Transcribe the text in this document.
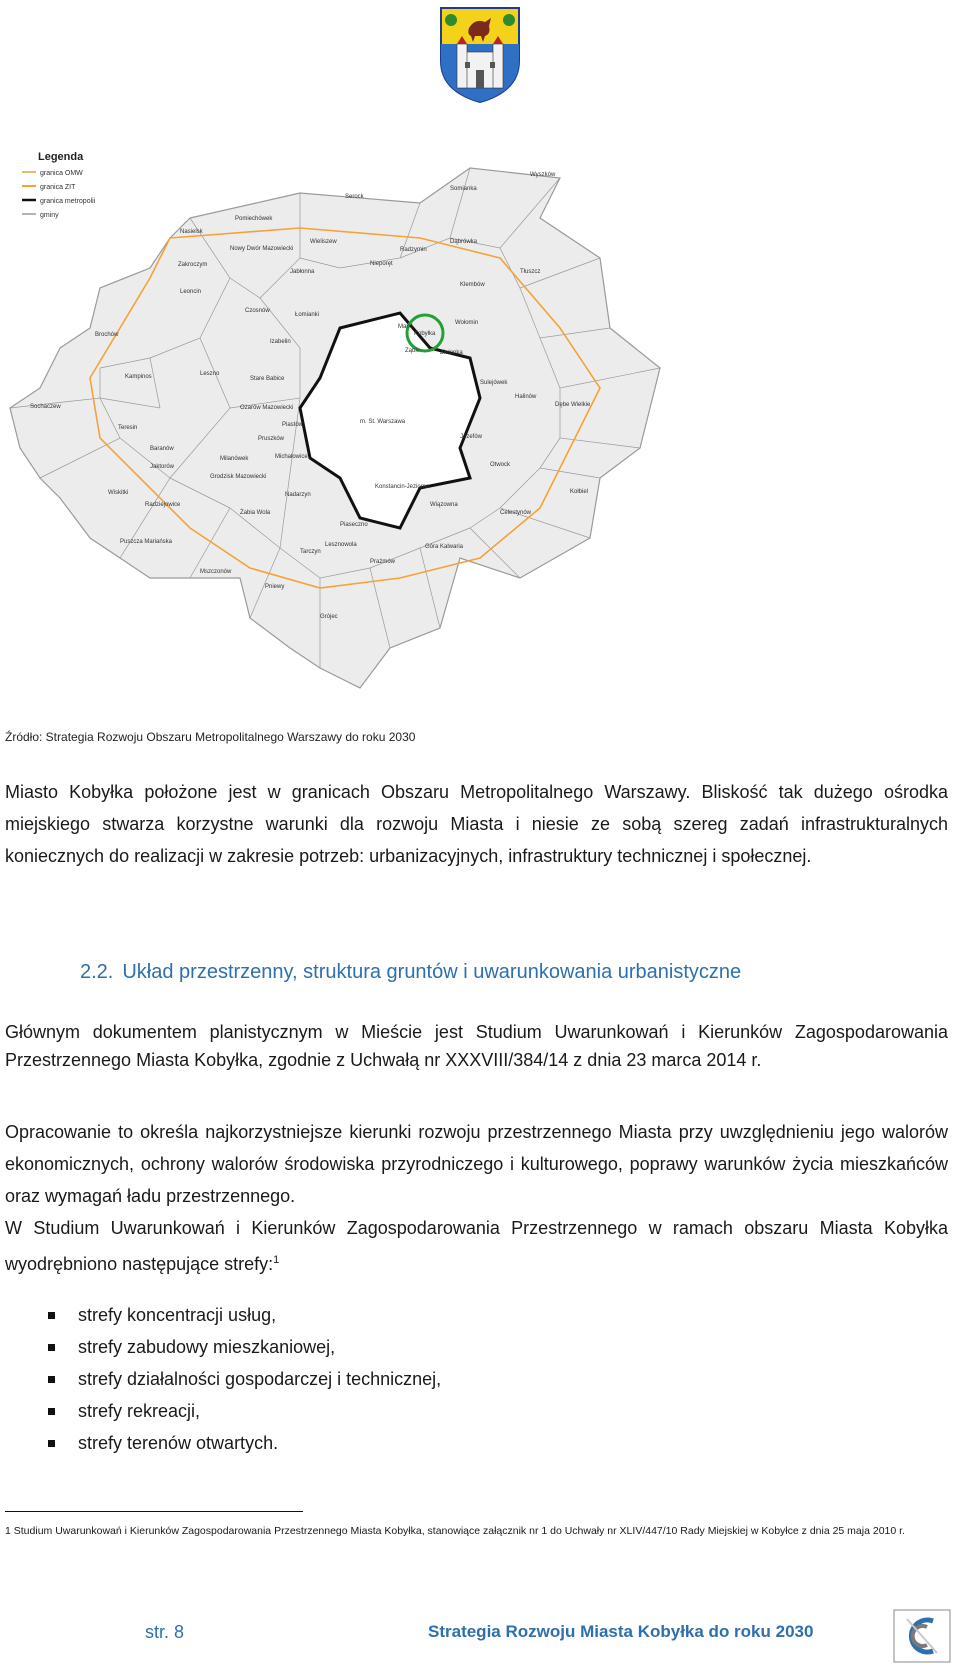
m. St. Warszawa
Kobyłka
Wyszków
Somianka
Serock
Pomiechówek
Nasielsk
Wieliszew
Radzymin
Nowy Dwór Mazowiecki
Jabłonna
Nieporęt
Dąbrówka
Tłuszcz
Zakroczym
Leoncin
Czosnów
Klembów
Łomianki
Marki
Wołomin
Brochów
Izabelin
Ząbki	Zielonka
Kampinos	Leszno
Stare Babice
Sulejówek
Halinów
Dębe Wielkie
Sochaczew	Ożarów Mazowiecki
Piastów
Józefów
Teresin
Pruszków
Otwock
Baranów
Michałowice
Celestynów
Kołbiel
Milanówek
Jaktorów
Grodzisk Mazowiecki
Konstancin-Jeziorna
Żabia Wola
Nadarzyn
Wiązowna
Wiskitki
Piaseczno
Radziejowice
Lesznowola
Tarczyn
Góra Kalwaria
Prażmów
Pniewy
Grójec
Mszczonów
Puszcza Mariańska
Legenda
granica OMW
granica ZIT
granica metropolii
gminy
Źródło: Strategia Rozwoju Obszaru Metropolitalnego Warszawy do roku 2030
Miasto Kobyłka położone jest w granicach Obszaru Metropolitalnego Warszawy. Bliskość tak dużego ośrodka miejskiego stwarza korzystne warunki dla rozwoju Miasta i niesie ze sobą szereg zadań infrastrukturalnych koniecznych do realizacji w zakresie potrzeb: urbanizacyjnych, infrastruktury technicznej i społecznej.
2.2. Układ przestrzenny, struktura gruntów i uwarunkowania urbanistyczne
Głównym dokumentem planistycznym w Mieście jest Studium Uwarunkowań i Kierunków Zagospodarowania Przestrzennego Miasta Kobyłka, zgodnie z Uchwałą nr XXXVIII/384/14 z dnia 23 marca 2014 r.
Opracowanie to określa najkorzystniejsze kierunki rozwoju przestrzennego Miasta przy uwzględnieniu jego walorów ekonomicznych, ochrony walorów środowiska przyrodniczego i kulturowego, poprawy warunków życia mieszkańców oraz wymagań ładu przestrzennego.
W Studium Uwarunkowań i Kierunków Zagospodarowania Przestrzennego w ramach obszaru Miasta Kobyłka wyodrębniono następujące strefy:$^1$
strefy koncentracji usług,
strefy zabudowy mieszkaniowej,
strefy działalności gospodarczej i technicznej,
strefy rekreacji,
strefy terenów otwartych.
1 Studium Uwarunkowań i Kierunków Zagospodarowania Przestrzennego Miasta Kobyłka, stanowiące załącznik nr 1 do Uchwały nr XLIV/447/10 Rady Miejskiej w Kobyłce z dnia 25 maja 2010 r.
str. 8	Strategia Rozwoju Miasta Kobyłka do roku 2030
